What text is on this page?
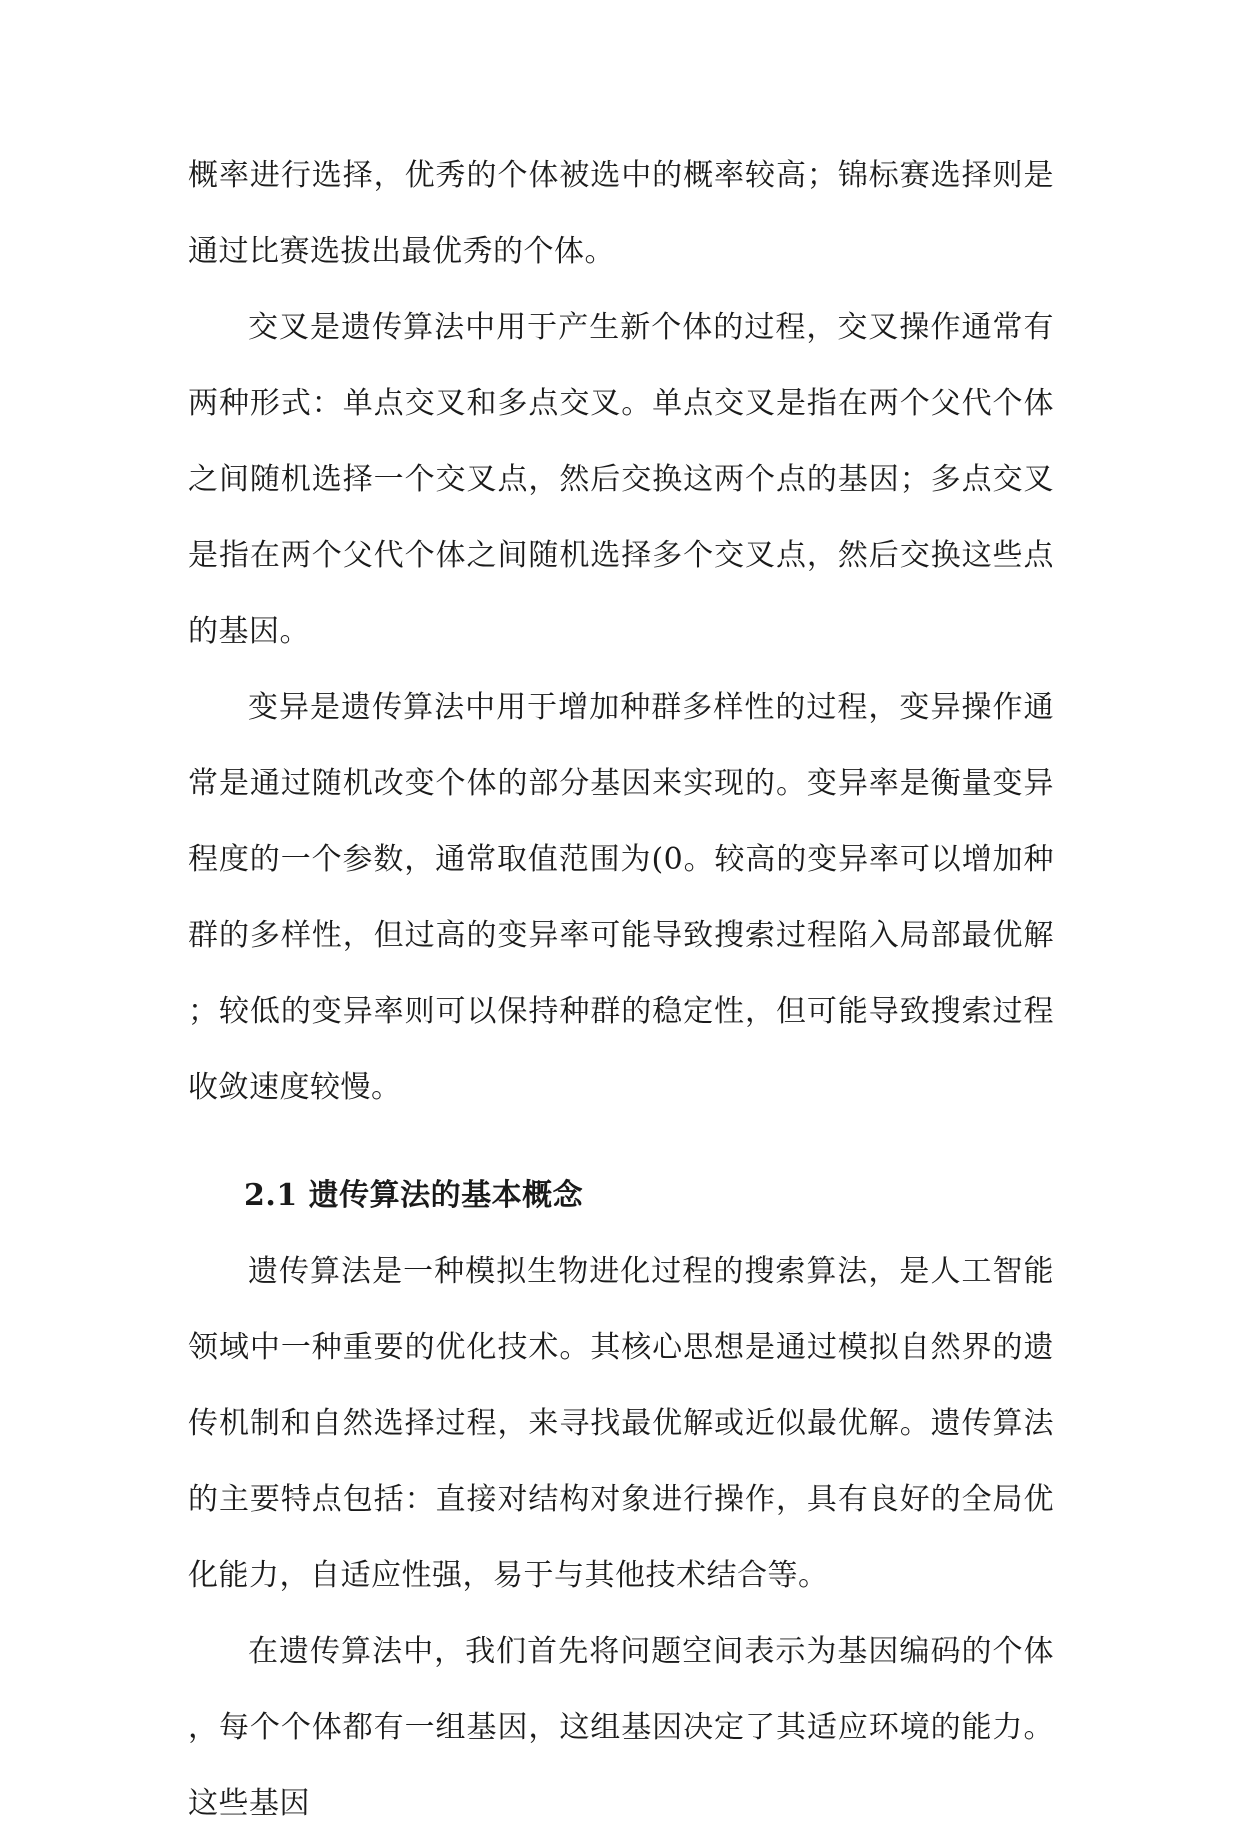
概率进行选择，优秀的个体被选中的概率较高；锦标赛选择则是通过比赛选拔出最优秀的个体。

交叉是遗传算法中用于产生新个体的过程，交叉操作通常有两种形式：单点交叉和多点交叉。单点交叉是指在两个父代个体之间随机选择一个交叉点，然后交换这两个点的基因；多点交叉是指在两个父代个体之间随机选择多个交叉点，然后交换这些点的基因。

变异是遗传算法中用于增加种群多样性的过程，变异操作通常是通过随机改变个体的部分基因来实现的。变异率是衡量变异程度的一个参数，通常取值范围为(0。较高的变异率可以增加种群的多样性，但过高的变异率可能导致搜索过程陷入局部最优解；较低的变异率则可以保持种群的稳定性，但可能导致搜索过程收敛速度较慢。

2.1 遗传算法的基本概念

遗传算法是一种模拟生物进化过程的搜索算法，是人工智能领域中一种重要的优化技术。其核心思想是通过模拟自然界的遗传机制和自然选择过程，来寻找最优解或近似最优解。遗传算法的主要特点包括：直接对结构对象进行操作，具有良好的全局优化能力，自适应性强，易于与其他技术结合等。

在遗传算法中，我们首先将问题空间表示为基因编码的个体，每个个体都有一组基因，这组基因决定了其适应环境的能力。这些基因
